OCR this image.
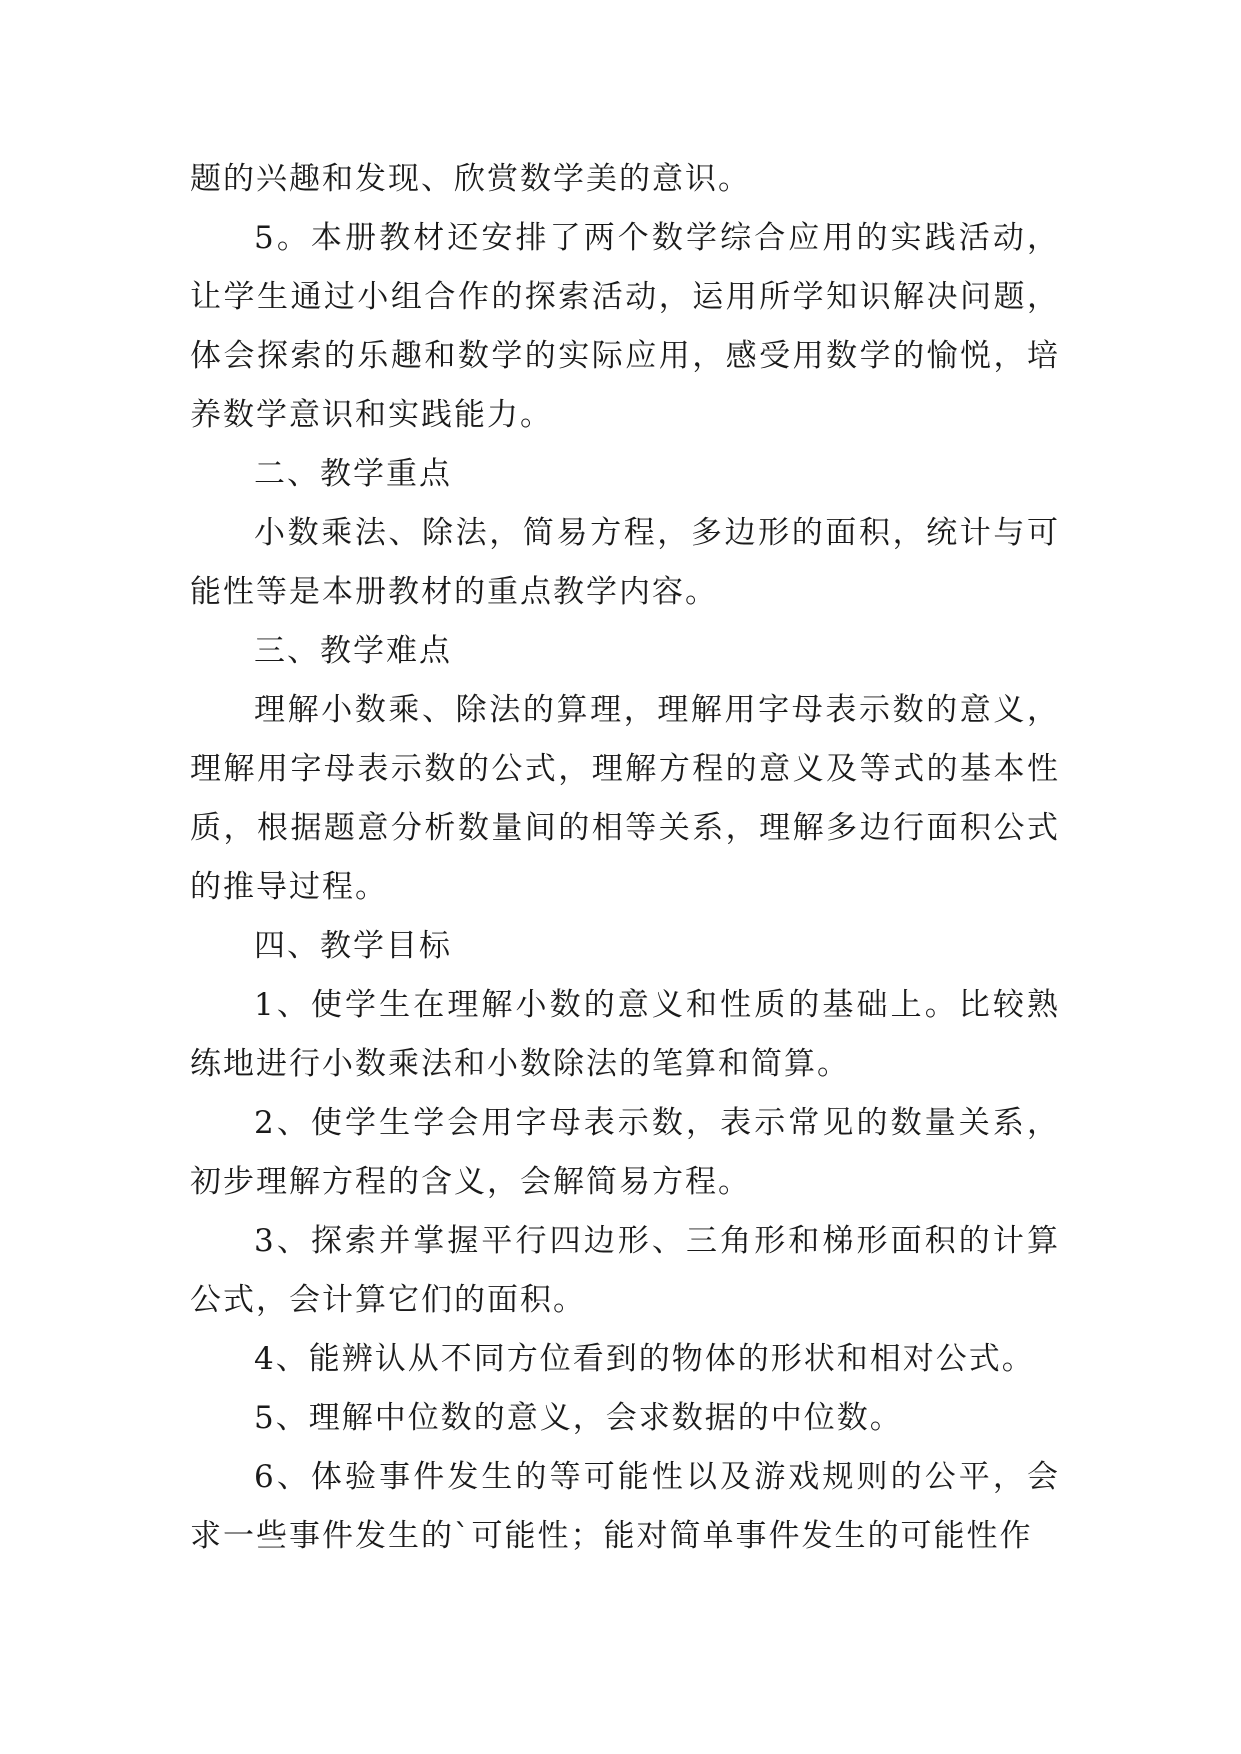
题的兴趣和发现、欣赏数学美的意识。

5。本册教材还安排了两个数学综合应用的实践活动，让学生通过小组合作的探索活动，运用所学知识解决问题，体会探索的乐趣和数学的实际应用，感受用数学的愉悦，培养数学意识和实践能力。

二、教学重点

小数乘法、除法，简易方程，多边形的面积，统计与可能性等是本册教材的重点教学内容。

三、教学难点

理解小数乘、除法的算理，理解用字母表示数的意义，理解用字母表示数的公式，理解方程的意义及等式的基本性质，根据题意分析数量间的相等关系，理解多边行面积公式的推导过程。

四、教学目标

1、使学生在理解小数的意义和性质的基础上。比较熟练地进行小数乘法和小数除法的笔算和简算。

2、使学生学会用字母表示数，表示常见的数量关系，初步理解方程的含义，会解简易方程。

3、探索并掌握平行四边形、三角形和梯形面积的计算公式，会计算它们的面积。

4、能辨认从不同方位看到的物体的形状和相对公式。

5、理解中位数的意义，会求数据的中位数。

6、体验事件发生的等可能性以及游戏规则的公平，会求一些事件发生的`可能性；能对简单事件发生的可能性作
